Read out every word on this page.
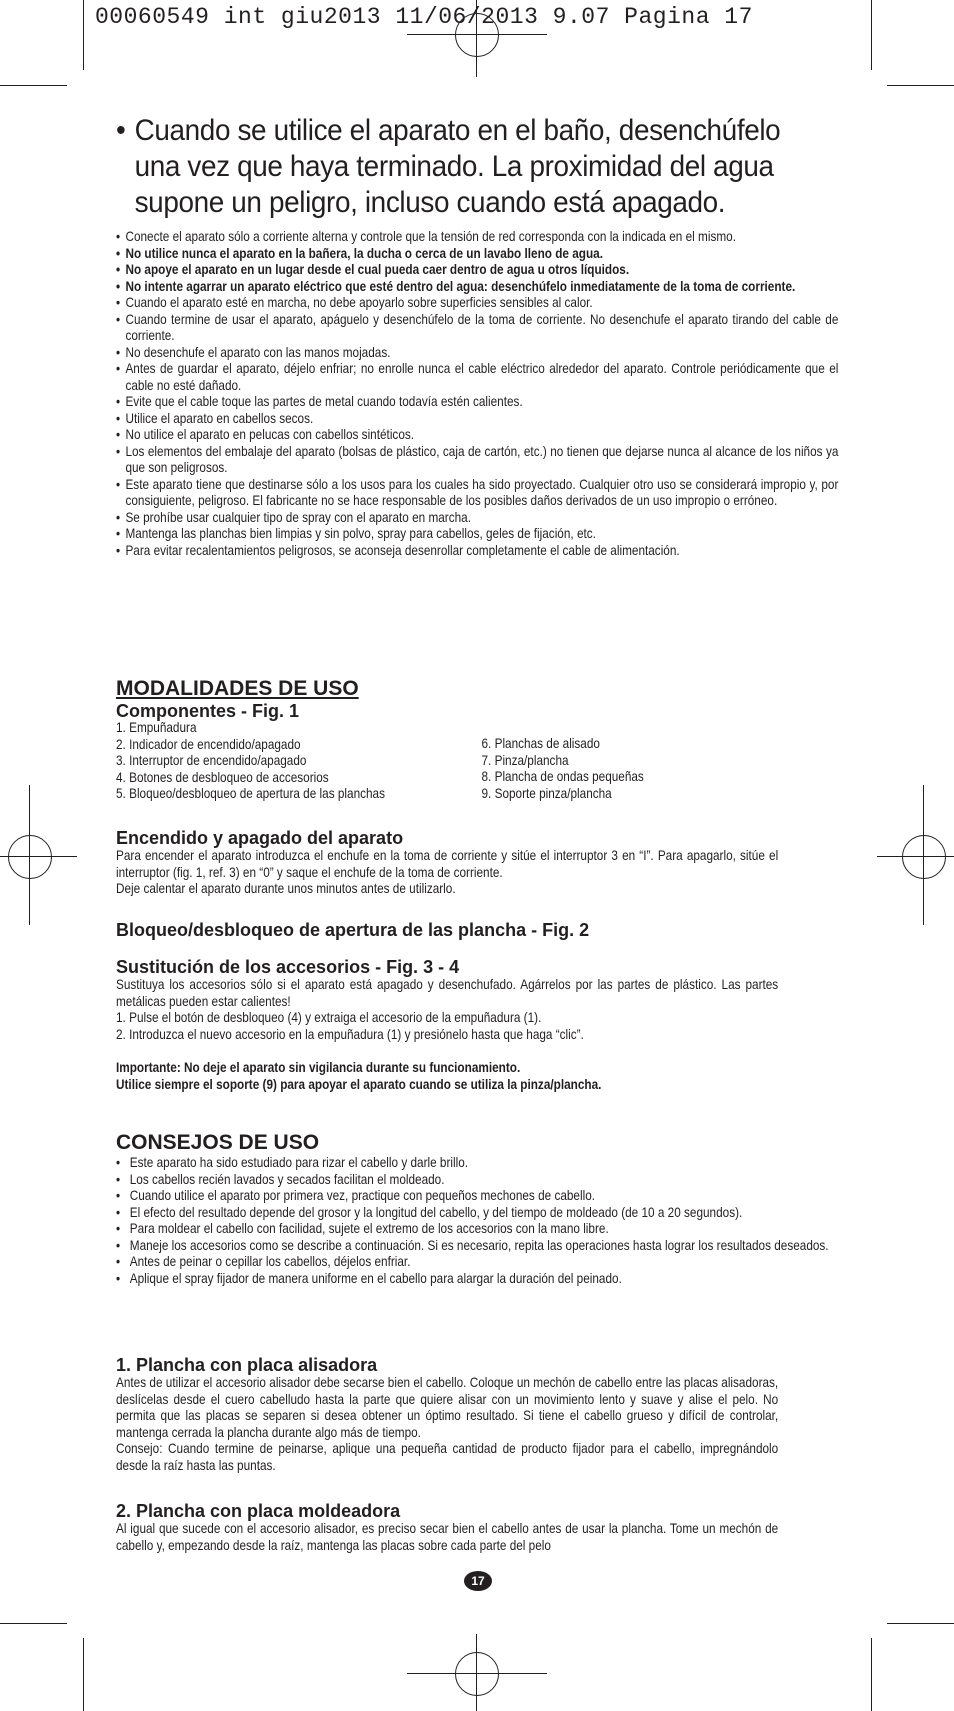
00060549 int giu2013 11/06/2013 9.07 Pagina 17
• Cuando se utilice el aparato en el baño, desenchúfelo
una vez que haya terminado. La proximidad del agua
supone un peligro, incluso cuando está apagado.
• Conecte el aparato sólo a corriente alterna y controle que la tensión de red corresponda con la indicada en el mismo.
• No utilice nunca el aparato en la bañera, la ducha o cerca de un lavabo lleno de agua.
• No apoye el aparato en un lugar desde el cual pueda caer dentro de agua u otros líquidos.
• No intente agarrar un aparato eléctrico que esté dentro del agua: desenchúfelo inmediatamente de la toma de corriente.
• Cuando el aparato esté en marcha, no debe apoyarlo sobre superficies sensibles al calor.
• Cuando termine de usar el aparato, apáguelo y desenchúfelo de la toma de corriente. No desenchufe el aparato tirando del cable de corriente.
• No desenchufe el aparato con las manos mojadas.
• Antes de guardar el aparato, déjelo enfriar; no enrolle nunca el cable eléctrico alrededor del aparato. Controle periódicamente que el cable no esté dañado.
• Evite que el cable toque las partes de metal cuando todavía estén calientes.
• Utilice el aparato en cabellos secos.
• No utilice el aparato en pelucas con cabellos sintéticos.
• Los elementos del embalaje del aparato (bolsas de plástico, caja de cartón, etc.) no tienen que dejarse nunca al alcance de los niños ya que son peligrosos.
• Este aparato tiene que destinarse sólo a los usos para los cuales ha sido proyectado. Cualquier otro uso se considerará impropio y, por consiguiente, peligroso. El fabricante no se hace responsable de los posibles daños derivados de un uso impropio o erróneo.
• Se prohíbe usar cualquier tipo de spray con el aparato en marcha.
• Mantenga las planchas bien limpias y sin polvo, spray para cabellos, geles de fijación, etc.
• Para evitar recalentamientos peligrosos, se aconseja desenrollar completamente el cable de alimentación.
MODALIDADES DE USO
Componentes - Fig. 1
1. Empuñadura
2. Indicador de encendido/apagado
3. Interruptor de encendido/apagado
4. Botones de desbloqueo de accesorios
5. Bloqueo/desbloqueo de apertura de las planchas
6. Planchas de alisado
7. Pinza/plancha
8. Plancha de ondas pequeñas
9. Soporte pinza/plancha
Encendido y apagado del aparato
Para encender el aparato introduzca el enchufe en la toma de corriente y sitúe el interruptor 3 en “I”. Para apagarlo, sitúe el interruptor (fig. 1, ref. 3) en “0” y saque el enchufe de la toma de corriente.
Deje calentar el aparato durante unos minutos antes de utilizarlo.
Bloqueo/desbloqueo de apertura de las plancha - Fig. 2
Sustitución de los accesorios - Fig. 3 - 4
Sustituya los accesorios sólo si el aparato está apagado y desenchufado. Agárrelos por las partes de plástico. Las partes metálicas pueden estar calientes!
1. Pulse el botón de desbloqueo (4) y extraiga el accesorio de la empuñadura (1).
2. Introduzca el nuevo accesorio en la empuñadura (1) y presiónelo hasta que haga “clic”.
Importante: No deje el aparato sin vigilancia durante su funcionamiento.
Utilice siempre el soporte (9) para apoyar el aparato cuando se utiliza la pinza/plancha.
CONSEJOS DE USO
• Este aparato ha sido estudiado para rizar el cabello y darle brillo.
• Los cabellos recién lavados y secados facilitan el moldeado.
• Cuando utilice el aparato por primera vez, practique con pequeños mechones de cabello.
• El efecto del resultado depende del grosor y la longitud del cabello, y del tiempo de moldeado (de 10 a 20 segundos).
• Para moldear el cabello con facilidad, sujete el extremo de los accesorios con la mano libre.
• Maneje los accesorios como se describe a continuación. Si es necesario, repita las operaciones hasta lograr los resultados deseados.
• Antes de peinar o cepillar los cabellos, déjelos enfriar.
• Aplique el spray fijador de manera uniforme en el cabello para alargar la duración del peinado.
1. Plancha con placa alisadora
Antes de utilizar el accesorio alisador debe secarse bien el cabello. Coloque un mechón de cabello entre las placas alisadoras, deslícelas desde el cuero cabelludo hasta la parte que quiere alisar con un movimiento lento y suave y alise el pelo. No permita que las placas se separen si desea obtener un óptimo resultado. Si tiene el cabello grueso y difícil de controlar, mantenga cerrada la plancha durante algo más de tiempo.
Consejo: Cuando termine de peinarse, aplique una pequeña cantidad de producto fijador para el cabello, impregnándolo desde la raíz hasta las puntas.
2. Plancha con placa moldeadora
Al igual que sucede con el accesorio alisador, es preciso secar bien el cabello antes de usar la plancha. Tome un mechón de cabello y, empezando desde la raíz, mantenga las placas sobre cada parte del pelo
17
